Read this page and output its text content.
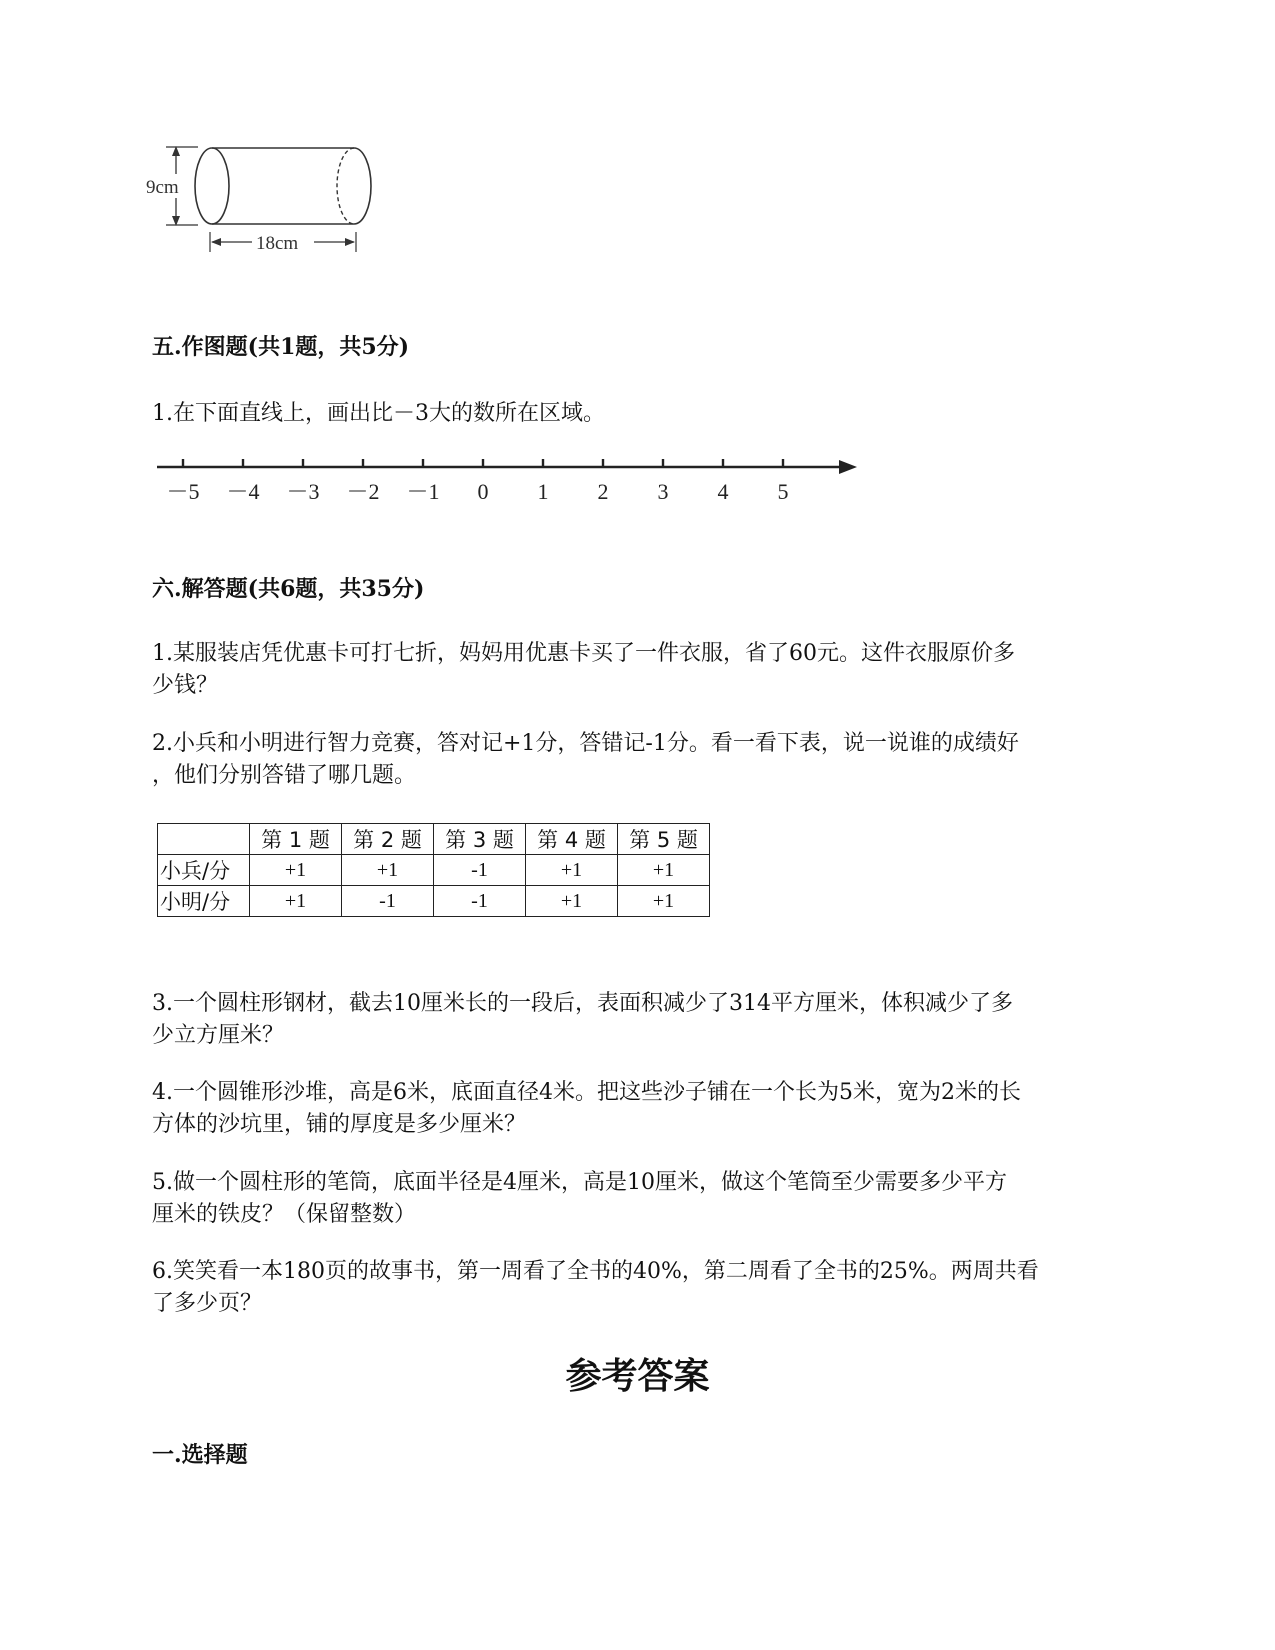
9cm
18cm
五.作图题(共1题，共5分)
1.在下面直线上，画出比－3大的数所在区域。
－5 －4 －3 －2 －1 0 1 2 3 4 5
六.解答题(共6题，共35分)
1.某服装店凭优惠卡可打七折，妈妈用优惠卡买了一件衣服，省了60元。这件衣服原价多
少钱？
2.小兵和小明进行智力竞赛，答对记+1分，答错记-1分。看一看下表，说一说谁的成绩好
，他们分别答错了哪几题。
	第 1 题	第 2 题	第 3 题	第 4 题	第 5 题
小兵/分	+1	+1	-1	+1	+1
小明/分	+1	-1	-1	+1	+1
3.一个圆柱形钢材，截去10厘米长的一段后，表面积减少了314平方厘米，体积减少了多
少立方厘米？
4.一个圆锥形沙堆，高是6米，底面直径4米。把这些沙子铺在一个长为5米，宽为2米的长
方体的沙坑里，铺的厚度是多少厘米？
5.做一个圆柱形的笔筒，底面半径是4厘米，高是10厘米，做这个笔筒至少需要多少平方
厘米的铁皮？（保留整数）
6.笑笑看一本180页的故事书，第一周看了全书的40%，第二周看了全书的25%。两周共看
了多少页？
参考答案
一.选择题
